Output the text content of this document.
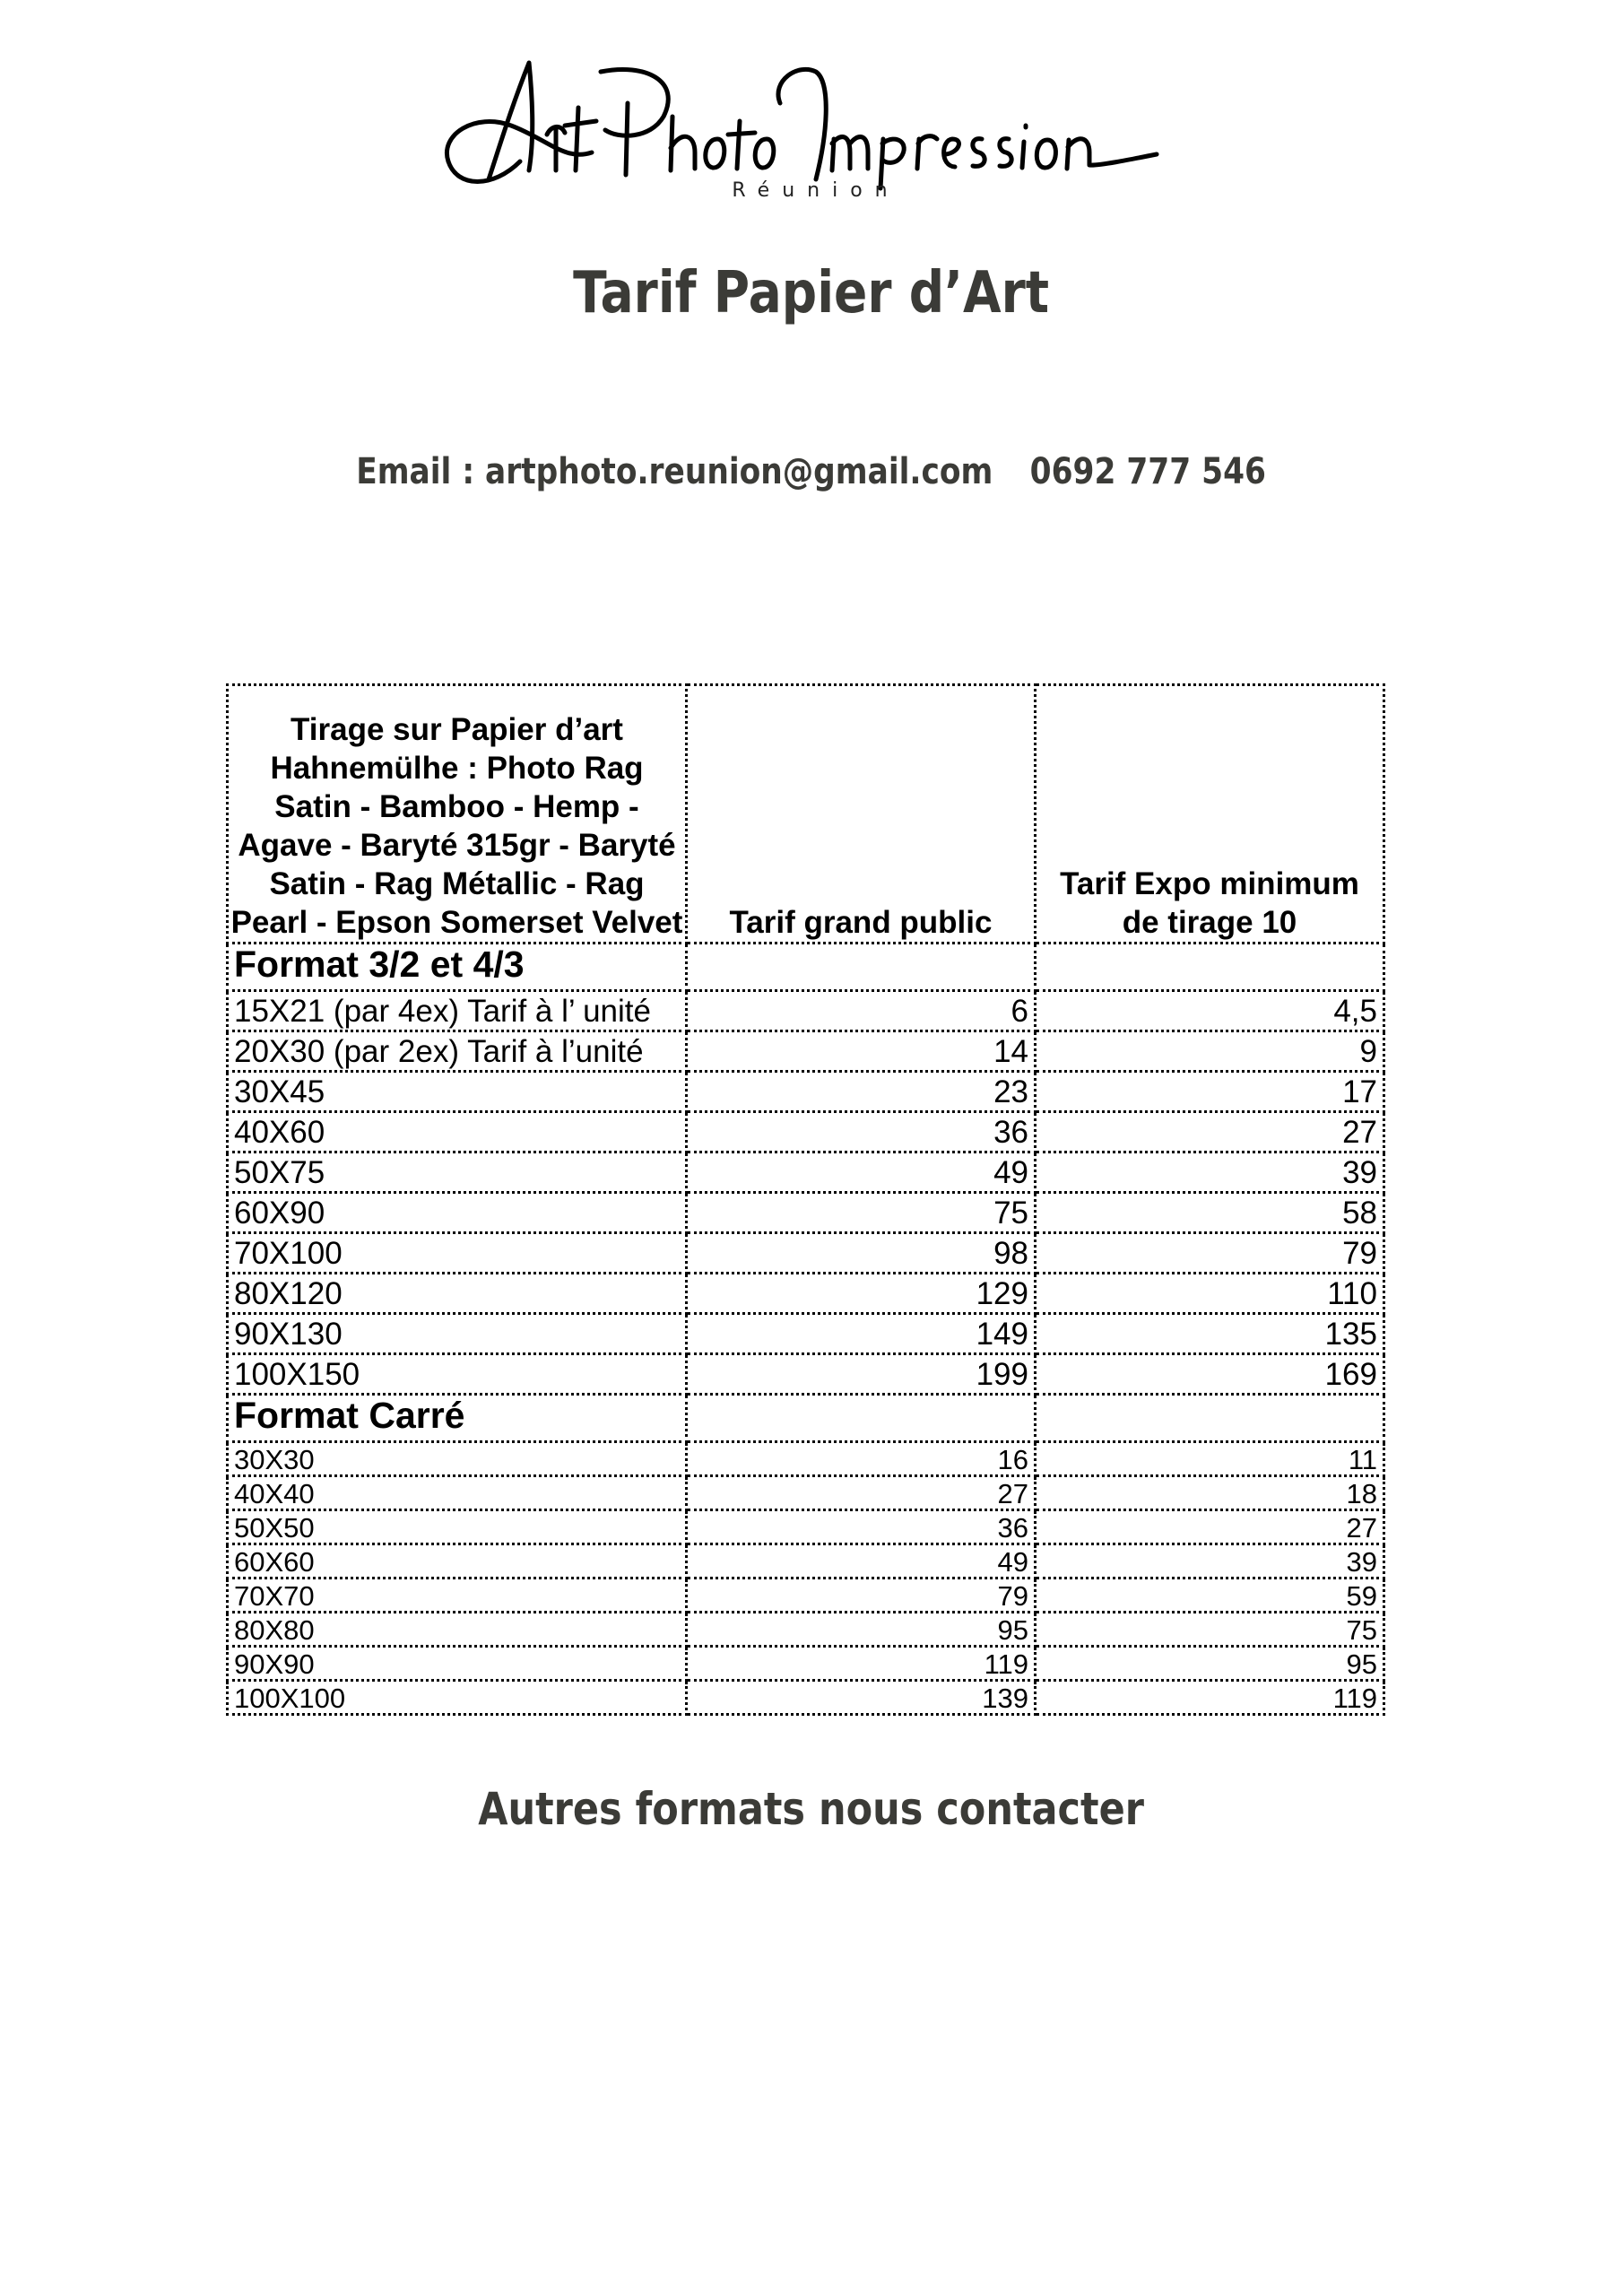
Réunion
Tarif Papier d’Art
Email : artphoto.reunion@gmail.com 0692 777 546
Tirage sur Papier d’art Hahnemülhe : Photo Rag Satin - Bamboo - Hemp - Agave - Baryté 315gr - Baryté Satin - Rag Métallic - Rag Pearl - Epson Somerset Velvet	Tarif grand public	Tarif Expo minimum de tirage 10
Format 3/2 et 4/3		
15X21 (par 4ex) Tarif à l’ unité	6	4,5
20X30 (par 2ex) Tarif à l’unité	14	9
30X45	23	17
40X60	36	27
50X75	49	39
60X90	75	58
70X100	98	79
80X120	129	110
90X130	149	135
100X150	199	169
Format Carré		
30X30	16	11
40X40	27	18
50X50	36	27
60X60	49	39
70X70	79	59
80X80	95	75
90X90	119	95
100X100	139	119
Autres formats nous contacter
